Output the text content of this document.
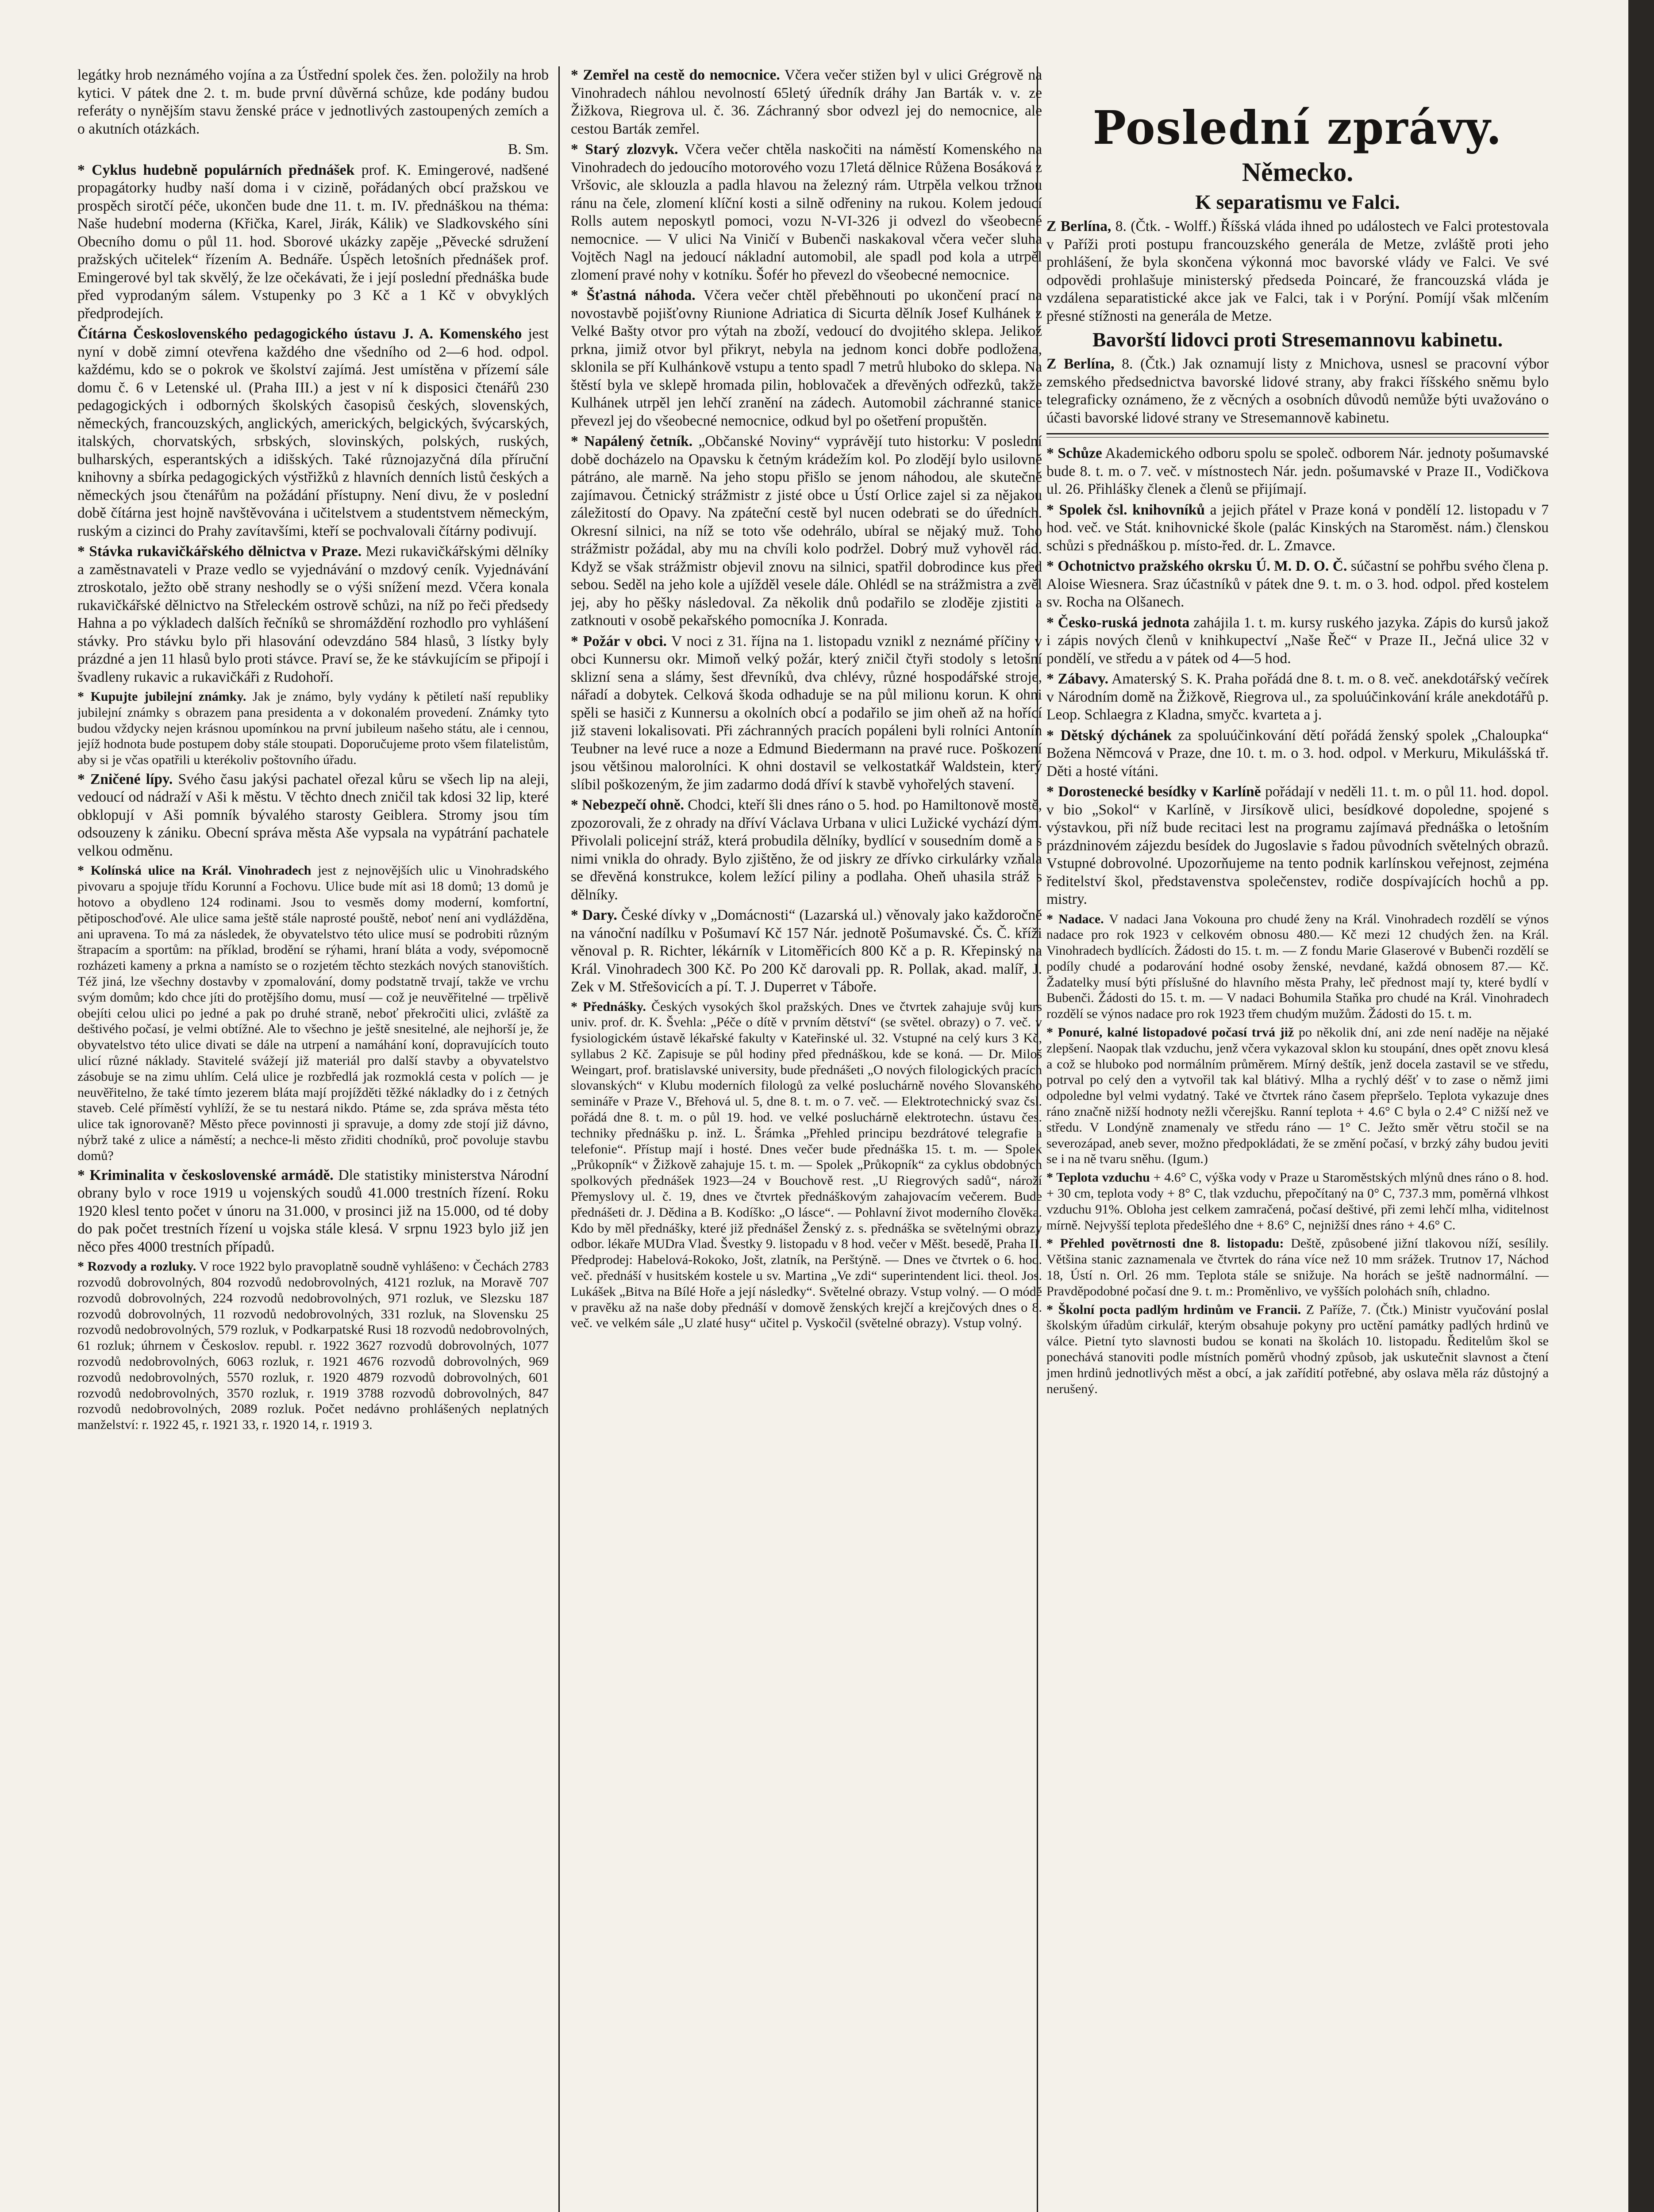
legátky hrob neznámého vojína a za Ústřední spolek čes. žen. položily na hrob kytici. V pátek dne 2. t. m. bude první důvěrná schůze, kde podány budou referáty o nynějším stavu ženské práce v jednotlivých zastoupených zemích a o akutních otázkách.

B. Sm.

* Cyklus hudebně populárních přednášek prof. K. Emingerové, nadšené propagátorky hudby naší doma i v cizině, pořádaných obcí pražskou ve prospěch sirotčí péče, ukončen bude dne 11. t. m. IV. přednáškou na théma: Naše hudební moderna (Křička, Karel, Jirák, Kálik) ve Sladkovského síni Obecního domu o půl 11. hod. Sborové ukázky zapěje „Pěvecké sdružení pražských učitelek“ řízením A. Bednáře. Úspěch letošních přednášek prof. Emingerové byl tak skvělý, že lze očekávati, že i její poslední přednáška bude před vyprodaným sálem. Vstupenky po 3 Kč a 1 Kč v obvyklých předprodejích.

Čítárna Československého pedagogického ústavu J. A. Komenského jest nyní v době zimní otevřena každého dne všedního od 2—6 hod. odpol. každému, kdo se o pokrok ve školství zajímá. Jest umístěna v přízemí sále domu č. 6 v Letenské ul. (Praha III.) a jest v ní k disposici čtenářů 230 pedagogických i odborných školských časopisů českých, slovenských, německých, francouzských, anglických, amerických, belgických, švýcarských, italských, chorvatských, srbských, slovinských, polských, ruských, bulharských, esperantských a idišských. Také různojazyčná díla příruční knihovny a sbírka pedagogických výstřižků z hlavních denních listů českých a německých jsou čtenářům na požádání přístupny. Není divu, že v poslední době čítárna jest hojně navštěvována i učitelstvem a studentstvem německým, ruským a cizinci do Prahy zavítavšími, kteří se pochvalovali čítárny podivují.

* Stávka rukavičkářského dělnictva v Praze. Mezi rukavičkářskými dělníky a zaměstnavateli v Praze vedlo se vyjednávání o mzdový ceník. Vyjednávání ztroskotalo, ježto obě strany neshodly se o výši snížení mezd. Včera konala rukavičkářské dělnictvo na Střeleckém ostrově schůzi, na níž po řeči předsedy Hahna a po výkladech dalších řečníků se shromáždění rozhodlo pro vyhlášení stávky. Pro stávku bylo při hlasování odevzdáno 584 hlasů, 3 lístky byly prázdné a jen 11 hlasů bylo proti stávce. Praví se, že ke stávkujícím se připojí i švadleny rukavic a rukavičkáři z Rudohoří.

* Kupujte jubilejní známky. Jak je známo, byly vydány k pětiletí naší republiky jubilejní známky s obrazem pana presidenta a v dokonalém provedení. Známky tyto budou vždycky nejen krásnou upomínkou na první jubileum našeho státu, ale i cennou, jejíž hodnota bude postupem doby stále stoupati. Doporučujeme proto všem filatelistům, aby si je včas opatřili u kterékoliv poštovního úřadu.

* Zničené lípy. Svého času jakýsi pachatel ořezal kůru se všech lip na aleji, vedoucí od nádraží v Aši k městu. V těchto dnech zničil tak kdosi 32 lip, které obklopují v Aši pomník bývalého starosty Geiblera. Stromy jsou tím odsouzeny k zániku. Obecní správa města Aše vypsala na vypátrání pachatele velkou odměnu.

* Kolínská ulice na Král. Vinohradech jest z nejnovějších ulic u Vinohradského pivovaru a spojuje třídu Korunní a Fochovu. Ulice bude mít asi 18 domů; 13 domů je hotovo a obydleno 124 rodinami. Jsou to vesměs domy moderní, komfortní, pětiposchoďové. Ale ulice sama ještě stále naprosté pouště, neboť není ani vydlážděna, ani upravena. To má za následek, že obyvatelstvo této ulice musí se podrobiti různým štrapacím a sportům: na příklad, brodění se rýhami, hraní bláta a vody, svépomocně rozházeti kameny a prkna a namísto se o rozjetém těchto stezkách nových stanovištích. Též jiná, lze všechny dostavby v zpomalování, domy podstatně trvají, takže ve vrchu svým domům; kdo chce jíti do protějšího domu, musí — což je neuvěřitelné — trpělivě obejíti celou ulici po jedné a pak po druhé straně, neboť překročiti ulici, zvláště za deštivého počasí, je velmi obtížné. Ale to všechno je ještě snesitelné, ale nejhorší je, že obyvatelstvo této ulice divati se dále na utrpení a namáhání koní, dopravujících touto ulicí různé náklady. Stavitelé svážejí již materiál pro další stavby a obyvatelstvo zásobuje se na zimu uhlím. Celá ulice je rozbředlá jak rozmoklá cesta v polích — je neuvěřitelno, že také tímto jezerem bláta mají projížděti těžké nákladky do i z četných staveb. Celé příměstí vyhlíží, že se tu nestará nikdo. Ptáme se, zda správa města této ulice tak ignorovaně? Město přece povinnosti ji spravuje, a domy zde stojí již dávno, nýbrž také z ulice a náměstí; a nechce-li město zřiditi chodníků, proč povoluje stavbu domů?

* Kriminalita v československé armádě. Dle statistiky ministerstva Národní obrany bylo v roce 1919 u vojenských soudů 41.000 trestních řízení. Roku 1920 klesl tento počet v únoru na 31.000, v prosinci již na 15.000, od té doby do pak počet trestních řízení u vojska stále klesá. V srpnu 1923 bylo již jen něco přes 4000 trestních případů.

* Rozvody a rozluky. V roce 1922 bylo pravoplatně soudně vyhlášeno: v Čechách 2783 rozvodů dobrovolných, 804 rozvodů nedobrovolných, 4121 rozluk, na Moravě 707 rozvodů dobrovolných, 224 rozvodů nedobrovolných, 971 rozluk, ve Slezsku 187 rozvodů dobrovolných, 11 rozvodů nedobrovolných, 331 rozluk, na Slovensku 25 rozvodů nedobrovolných, 579 rozluk, v Podkarpatské Rusi 18 rozvodů nedobrovolných, 61 rozluk; úhrnem v Českoslov. republ. r. 1922 3627 rozvodů dobrovolných, 1077 rozvodů nedobrovolných, 6063 rozluk, r. 1921 4676 rozvodů dobrovolných, 969 rozvodů nedobrovolných, 5570 rozluk, r. 1920 4879 rozvodů dobrovolných, 601 rozvodů nedobrovolných, 3570 rozluk, r. 1919 3788 rozvodů dobrovolných, 847 rozvodů nedobrovolných, 2089 rozluk. Počet nedávno prohlášených neplatných manželství: r. 1922 45, r. 1921 33, r. 1920 14, r. 1919 3.

* Zemřel na cestě do nemocnice. Včera večer stižen byl v ulici Grégrově na Vinohradech náhlou nevolností 65letý úředník dráhy Jan Barták v. v. ze Žižkova, Riegrova ul. č. 36. Záchranný sbor odvezl jej do nemocnice, ale cestou Barták zemřel.

* Starý zlozvyk. Včera večer chtěla naskočiti na náměstí Komenského na Vinohradech do jedoucího motorového vozu 17letá dělnice Růžena Bosáková z Vršovic, ale sklouzla a padla hlavou na železný rám. Utrpěla velkou tržnou ránu na čele, zlomení klíční kosti a silně odřeniny na rukou. Kolem jedoucí Rolls autem neposkytl pomoci, vozu N-VI-326 ji odvezl do všeobecné nemocnice. — V ulici Na Viničí v Bubenči naskakoval včera večer sluha Vojtěch Nagl na jedoucí nákladní automobil, ale spadl pod kola a utrpěl zlomení pravé nohy v kotníku. Šofér ho převezl do všeobecné nemocnice.

* Šťastná náhoda. Včera večer chtěl přeběhnouti po ukončení prací na novostavbě pojišťovny Riunione Adriatica di Sicurta dělník Josef Kulhánek z Velké Bašty otvor pro výtah na zboží, vedoucí do dvojitého sklepa. Jelikož prkna, jimiž otvor byl přikryt, nebyla na jednom konci dobře podložena, sklonila se pří Kulhánkově vstupu a tento spadl 7 metrů hluboko do sklepa. Na štěstí byla ve sklepě hromada pilin, hoblovaček a dřevěných odřezků, takže Kulhánek utrpěl jen lehčí zranění na zádech. Automobil záchranné stanice převezl jej do všeobecné nemocnice, odkud byl po ošetření propuštěn.

* Napálený četník. „Občanské Noviny“ vyprávějí tuto historku: V poslední době docházelo na Opavsku k četným krádežím kol. Po zlodějí bylo usilovně pátráno, ale marně. Na jeho stopu přišlo se jenom náhodou, ale skutečně zajímavou. Četnický strážmistr z jisté obce u Ústí Orlice zajel si za nějakou záležitostí do Opavy. Na zpáteční cestě byl nucen odebrati se do úředních. Okresní silnici, na níž se toto vše odehrálo, ubíral se nějaký muž. Toho strážmistr požádal, aby mu na chvíli kolo podržel. Dobrý muž vyhověl rád. Když se však strážmistr objevil znovu na silnici, spatřil dobrodince kus před sebou. Seděl na jeho kole a ujížděl vesele dále. Ohlédl se na strážmistra a zvěl jej, aby ho pěšky následoval. Za několik dnů podařilo se zloděje zjistiti a zatknouti v osobě pekařského pomocníka J. Konrada.

* Požár v obci. V noci z 31. října na 1. listopadu vznikl z neznámé příčiny v obci Kunnersu okr. Mimoň velký požár, který zničil čtyři stodoly s letošní sklizní sena a slámy, šest dřevníků, dva chlévy, různé hospodářské stroje, nářadí a dobytek. Celková škoda odhaduje se na půl milionu korun. K ohni spěli se hasiči z Kunnersu a okolních obcí a podařilo se jim oheň až na hořící již staveni lokalisovati. Při záchranných pracích popáleni byli rolníci Antonín Teubner na levé ruce a noze a Edmund Biedermann na pravé ruce. Poškození jsou většinou malorolníci. K ohni dostavil se velkostatkář Waldstein, který slíbil poškozeným, že jim zadarmo dodá dříví k stavbě vyhořelých stavení.

* Nebezpečí ohně. Chodci, kteří šli dnes ráno o 5. hod. po Hamiltonově mostě, zpozorovali, že z ohrady na dříví Václava Urbana v ulici Lužické vychází dým. Přivolali policejní stráž, která probudila dělníky, bydlící v sousedním domě a s nimi vnikla do ohrady. Bylo zjištěno, že od jiskry ze dřívko cirkulárky vzňala se dřevěná konstrukce, kolem ležící piliny a podlaha. Oheň uhasila stráž s dělníky.

* Dary. České dívky v „Domácnosti“ (Lazarská ul.) věnovaly jako každoročně na vánoční nadílku v Pošumaví Kč 157 Nár. jednotě Pošumavské. Čs. Č. kříži věnoval p. R. Richter, lékárník v Litoměřicích 800 Kč a p. R. Křepinský na Král. Vinohradech 300 Kč. Po 200 Kč darovali pp. R. Pollak, akad. malíř, J. Zek v M. Střešovicích a pí. T. J. Duperret v Táboře.

* Přednášky. Českých vysokých škol pražských. Dnes ve čtvrtek zahajuje svůj kurs univ. prof. dr. K. Švehla: „Péče o dítě v prvním dětství“ (se světel. obrazy) o 7. več. v fysiologickém ústavě lékařské fakulty v Kateřinské ul. 32. Vstupné na celý kurs 3 Kč, syllabus 2 Kč. Zapisuje se půl hodiny před přednáškou, kde se koná. — Dr. Miloš Weingart, prof. bratislavské university, bude přednášeti „O nových filologických pracích slovanských“ v Klubu moderních filologů za velké posluchárně nového Slovanského semináře v Praze V., Břehová ul. 5, dne 8. t. m. o 7. več. — Elektrotechnický svaz čsl. pořádá dne 8. t. m. o půl 19. hod. ve velké posluchárně elektrotechn. ústavu čes. techniky přednášku p. inž. L. Šrámka „Přehled principu bezdrátové telegrafie a telefonie“. Přístup mají i hosté. Dnes večer bude přednáška 15. t. m. — Spolek „Průkopník“ v Žižkově zahajuje 15. t. m. — Spolek „Průkopník“ za cyklus obdobných spolkových přednášek 1923—24 v Bouchově rest. „U Riegrových sadů“, nároží Přemyslovy ul. č. 19, dnes ve čtvrtek přednáškovým zahajovacím večerem. Bude přednášeti dr. J. Dědina a B. Kodíško: „O lásce“. — Pohlavní život moderního člověka. Kdo by měl přednášky, které již přednášel Ženský z. s. přednáška se světelnými obrazy odbor. lékaře MUDra Vlad. Švestky 9. listopadu v 8 hod. večer v Měšt. besedě, Praha II. Předprodej: Habelová-Rokoko, Jošt, zlatník, na Perštýně. — Dnes ve čtvrtek o 6. hod. več. přednáší v husitském kostele u sv. Martina „Ve zdi“ superintendent lici. theol. Jos. Lukášek „Bitva na Bílé Hoře a její následky“. Světelné obrazy. Vstup volný. — O módě v pravěku až na naše doby přednáší v domově ženských krejčí a krejčových dnes o 8. več. ve velkém sále „U zlaté husy“ učitel p. Vyskočil (světelné obrazy). Vstup volný.

Poslední zprávy.
Německo.
K separatismu ve Falci.

Z Berlína, 8. (Čtk. - Wolff.) Říšská vláda ihned po událostech ve Falci protestovala v Paříži proti postupu francouzského generála de Metze, zvláště proti jeho prohlášení, že byla skončena výkonná moc bavorské vlády ve Falci. Ve své odpovědi prohlašuje ministerský předseda Poincaré, že francouzská vláda je vzdálena separatistické akce jak ve Falci, tak i v Porýní. Pomíjí však mlčením přesné stížnosti na generála de Metze.

Bavorští lidovci proti Stresemannovu kabinetu.

Z Berlína, 8. (Čtk.) Jak oznamují listy z Mnichova, usnesl se pracovní výbor zemského předsednictva bavorské lidové strany, aby frakci říšského sněmu bylo telegraficky oznámeno, že z věcných a osobních důvodů nemůže býti uvažováno o účasti bavorské lidové strany ve Stresemannově kabinetu.

* Schůze Akademického odboru spolu se společ. odborem Nár. jednoty pošumavské bude 8. t. m. o 7. več. v místnostech Nár. jedn. pošumavské v Praze II., Vodičkova ul. 26. Přihlášky členek a členů se přijímají.

* Spolek čsl. knihovníků a jejich přátel v Praze koná v pondělí 12. listopadu v 7 hod. več. ve Stát. knihovnické škole (palác Kinských na Staroměst. nám.) členskou schůzi s přednáškou p. místo-řed. dr. L. Zmavce.

* Ochotnictvo pražského okrsku Ú. M. D. O. Č. súčastní se pohřbu svého člena p. Aloise Wiesnera. Sraz účastníků v pátek dne 9. t. m. o 3. hod. odpol. před kostelem sv. Rocha na Olšanech.

* Česko-ruská jednota zahájila 1. t. m. kursy ruského jazyka. Zápis do kursů jakož i zápis nových členů v knihkupectví „Naše Řeč“ v Praze II., Ječná ulice 32 v pondělí, ve středu a v pátek od 4—5 hod.

* Zábavy. Amaterský S. K. Praha pořádá dne 8. t. m. o 8. več. anekdotářský večírek v Národním domě na Žižkově, Riegrova ul., za spoluúčinkování krále anekdotářů p. Leop. Schlaegra z Kladna, smyčc. kvarteta a j.

* Dětský dýchánek za spoluúčinkování dětí pořádá ženský spolek „Chaloupka“ Božena Němcová v Praze, dne 10. t. m. o 3. hod. odpol. v Merkuru, Mikulášská tř. Děti a hosté vítáni.

* Dorostenecké besídky v Karlíně pořádají v neděli 11. t. m. o půl 11. hod. dopol. v bio „Sokol“ v Karlíně, v Jirsíkově ulici, besídkové dopoledne, spojené s výstavkou, při níž bude recitaci lest na programu zajímavá přednáška o letošním prázdninovém zájezdu besídek do Jugoslavie s řadou původních světelných obrazů. Vstupné dobrovolné. Upozorňujeme na tento podnik karlínskou veřejnost, zejména ředitelství škol, představenstva společenstev, rodiče dospívajících hochů a pp. mistry.

* Nadace. V nadaci Jana Vokouna pro chudé ženy na Král. Vinohradech rozdělí se výnos nadace pro rok 1923 v celkovém obnosu 480.— Kč mezi 12 chudých žen. na Král. Vinohradech bydlících. Žádosti do 15. t. m. — Z fondu Marie Glaserové v Bubenči rozdělí se podíly chudé a podarování hodné osoby ženské, nevdané, každá obnosem 87.— Kč. Žadatelky musí býti příslušné do hlavního města Prahy, leč přednost mají ty, které bydlí v Bubenči. Žádosti do 15. t. m. — V nadaci Bohumila Staňka pro chudé na Král. Vinohradech rozdělí se výnos nadace pro rok 1923 třem chudým mužům. Žádosti do 15. t. m.

* Ponuré, kalné listopadové počasí trvá již po několik dní, ani zde není naděje na nějaké zlepšení. Naopak tlak vzduchu, jenž včera vykazoval sklon ku stoupání, dnes opět znovu klesá a což se hluboko pod normálním průměrem. Mírný deštík, jenž docela zastavil se ve středu, potrval po celý den a vytvořil tak kal blátivý. Mlha a rychlý déšť v to zase o němž jimi odpoledne byl velmi vydatný. Také ve čtvrtek ráno časem přepršelo. Teplota vykazuje dnes ráno značně nižší hodnoty nežli včerejšku. Ranní teplota + 4.6° C byla o 2.4° C nižší než ve středu. V Londýně znamenaly ve středu ráno — 1° C. Ježto směr větru stočil se na severozápad, aneb sever, možno předpokládati, že se změní počasí, v brzký záhy budou jeviti se i na ně tvaru sněhu. (Igum.)

* Teplota vzduchu + 4.6° C, výška vody v Praze u Staroměstských mlýnů dnes ráno o 8. hod. + 30 cm, teplota vody + 8° C, tlak vzduchu, přepočítaný na 0° C, 737.3 mm, poměrná vlhkost vzduchu 91%. Obloha jest celkem zamračená, počasí deštivé, při zemi lehčí mlha, viditelnost mírně. Nejvyšší teplota předešlého dne + 8.6° C, nejnižší dnes ráno + 4.6° C.

* Přehled povětrnosti dne 8. listopadu: Deště, způsobené jižní tlakovou níží, sesílily. Většina stanic zaznamenala ve čtvrtek do rána více než 10 mm srážek. Trutnov 17, Náchod 18, Ústí n. Orl. 26 mm. Teplota stále se snižuje. Na horách se ještě nadnormální. — Pravděpodobné počasí dne 9. t. m.: Proměnlivo, ve vyšších polohách sníh, chladno.

* Školní pocta padlým hrdinům ve Francii. Z Paříže, 7. (Čtk.) Ministr vyučování poslal školským úřadům cirkulář, kterým obsahuje pokyny pro uctění památky padlých hrdinů ve válce. Pietní tyto slavnosti budou se konati na školách 10. listopadu. Ředitelům škol se ponechává stanoviti podle místních poměrů vhodný způsob, jak uskutečnit slavnost a čtení jmen hrdinů jednotlivých měst a obcí, a jak zařídití potřebné, aby oslava měla ráz důstojný a nerušený.
